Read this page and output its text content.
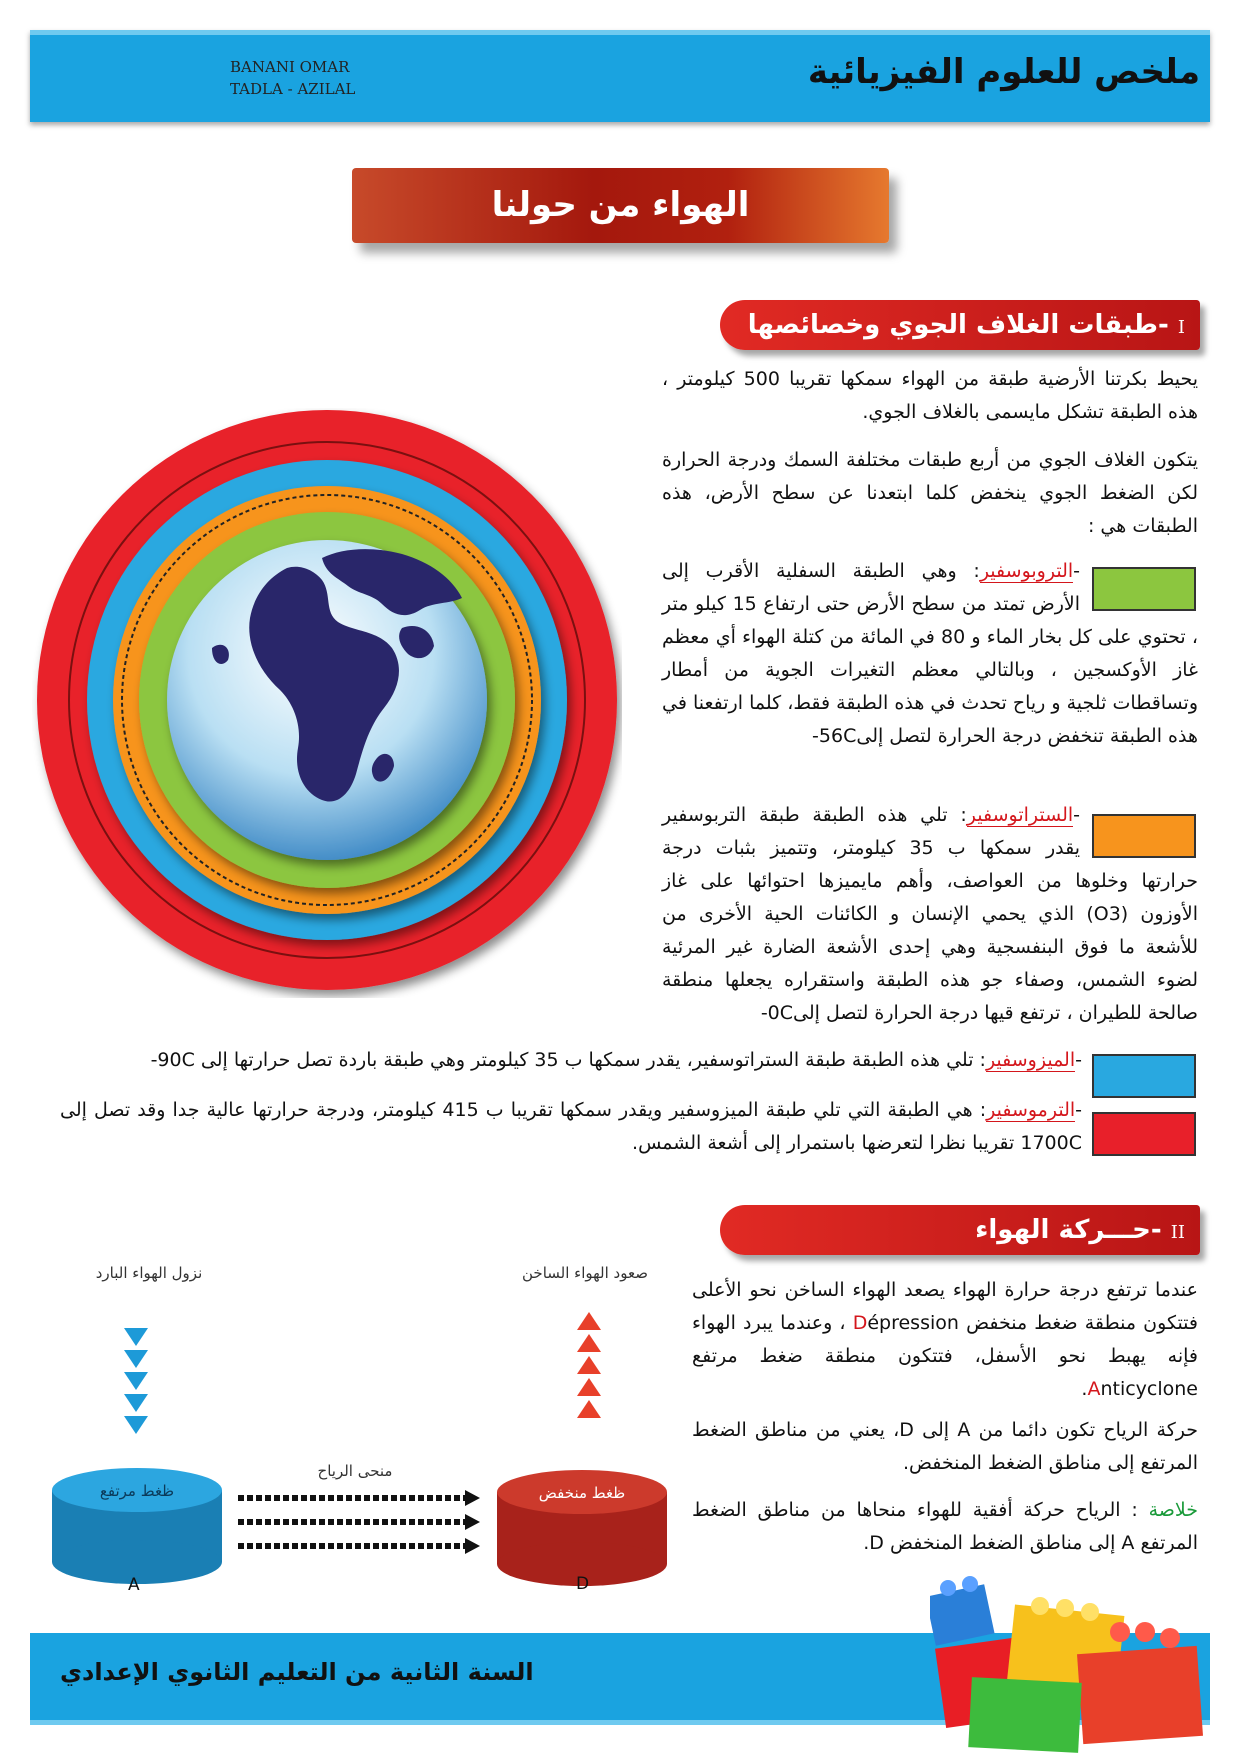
BANANI OMAR
TADLA - AZILAL	ملخص للعلوم الفيزيائية
الهواء من حولنا
I -طبقات الغلاف الجوي وخصائصها
يحيط بكرتنا الأرضية طبقة من الهواء سمكها تقريبا 500 كيلومتر ، هذه الطبقة تشكل مايسمى بالغلاف الجوي.
يتكون الغلاف الجوي من أربع طبقات مختلفة السمك ودرجة الحرارة لكن الضغط الجوي ينخفض كلما ابتعدنا عن سطح الأرض، هذه الطبقات هي :
-التروبوسفير: وهي الطبقة السفلية الأقرب إلى الأرض تمتد من سطح الأرض حتى ارتفاع 15 كيلو متر ، تحتوي على كل بخار الماء و 80 في المائة من كتلة الهواء أي معظم غاز الأوكسجين ، وبالتالي معظم التغيرات الجوية من أمطار وتساقطات ثلجية و رياح تحدث في هذه الطبقة فقط، كلما ارتفعنا في هذه الطبقة تنخفض درجة الحرارة لتصل إلى56C-
-الستراتوسفير: تلي هذه الطبقة طبقة التربوسفير يقدر سمكها ب 35 كيلومتر، وتتميز بثبات درجة حرارتها وخلوها من العواصف، وأهم مايميزها احتوائها على غاز الأوزون (O3) الذي يحمي الإنسان و الكائنات الحية الأخرى من للأشعة ما فوق البنفسجية وهي إحدى الأشعة الضارة غير المرئية لضوء الشمس، وصفاء جو هذه الطبقة واستقراره يجعلها منطقة صالحة للطيران ، ترتفع قيها درجة الحرارة لتصل إلى0C-
-الميزوسفير: تلي هذه الطبقة طبقة الستراتوسفير، يقدر سمكها ب 35 كيلومتر وهي طبقة باردة تصل حرارتها إلى 90C-
-الترموسفير: هي الطبقة التي تلي طبقة الميزوسفير ويقدر سمكها تقريبا ب 415 كيلومتر، ودرجة حرارتها عالية جدا وقد تصل إلى 1700C تقريبا نظرا لتعرضها باستمرار إلى أشعة الشمس.
II -حـــركة الهواء
عندما ترتفع درجة حرارة الهواء يصعد الهواء الساخن نحو الأعلى فتتكون منطقة ضغط منخفض Dépression ، وعندما يبرد الهواء فإنه يهبط نحو الأسفل، فتتكون منطقة ضغط مرتفع Anticyclone.
حركة الرياح تكون دائما من A إلى D، يعني من مناطق الضغط المرتفع إلى مناطق الضغط المنخفض.
خلاصة : الرياح حركة أفقية للهواء منحاها من مناطق الضغط المرتفع A إلى مناطق الضغط المنخفض D.
نزول الهواء البارد	صعود الهواء الساخن
منحى الرياح
ظغط مرتفع	ظغط منخفض
A	D
السنة الثانية من التعليم الثانوي الإعدادي
